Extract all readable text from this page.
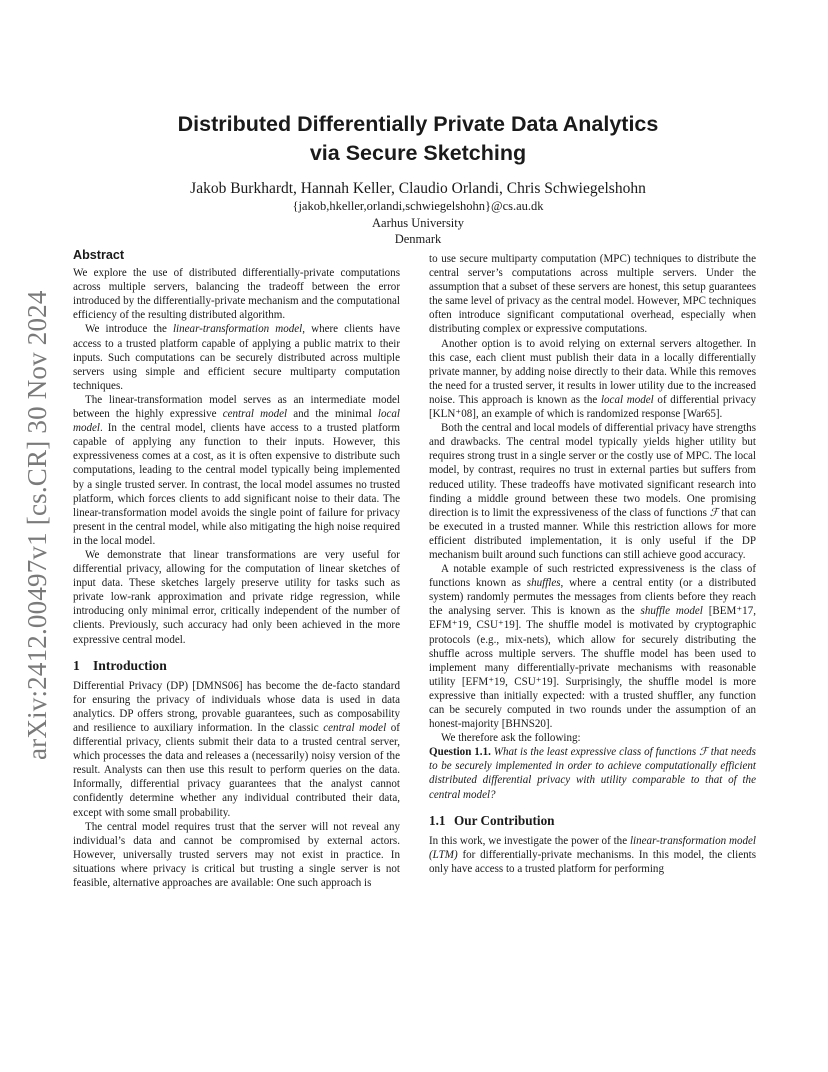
arXiv:2412.00497v1 [cs.CR] 30 Nov 2024
Distributed Differentially Private Data Analytics
via Secure Sketching
Jakob Burkhardt, Hannah Keller, Claudio Orlandi, Chris Schwiegelshohn
{jakob,hkeller,orlandi,schwiegelshohn}@cs.au.dk
Aarhus University
Denmark
Abstract

We explore the use of distributed differentially-private computations across multiple servers, balancing the tradeoff between the error introduced by the differentially-private mechanism and the computational efficiency of the resulting distributed algorithm.

We introduce the linear-transformation model, where clients have access to a trusted platform capable of applying a public matrix to their inputs. Such computations can be securely distributed across multiple servers using simple and efficient secure multiparty computation techniques.

The linear-transformation model serves as an intermediate model between the highly expressive central model and the minimal local model. In the central model, clients have access to a trusted platform capable of applying any function to their inputs. However, this expressiveness comes at a cost, as it is often expensive to distribute such computations, leading to the central model typically being implemented by a single trusted server. In contrast, the local model assumes no trusted platform, which forces clients to add significant noise to their data. The linear-transformation model avoids the single point of failure for privacy present in the central model, while also mitigating the high noise required in the local model.

We demonstrate that linear transformations are very useful for differential privacy, allowing for the computation of linear sketches of input data. These sketches largely preserve utility for tasks such as private low-rank approximation and private ridge regression, while introducing only minimal error, critically independent of the number of clients. Previously, such accuracy had only been achieved in the more expressive central model.

1 Introduction

Differential Privacy (DP) [DMNS06] has become the de-facto standard for ensuring the privacy of individuals whose data is used in data analytics. DP offers strong, provable guarantees, such as composability and resilience to auxiliary information. In the classic central model of differential privacy, clients submit their data to a trusted central server, which processes the data and releases a (necessarily) noisy version of the result. Analysts can then use this result to perform queries on the data. Informally, differential privacy guarantees that the analyst cannot confidently determine whether any individual contributed their data, except with some small probability.

The central model requires trust that the server will not reveal any individual’s data and cannot be compromised by external actors. However, universally trusted servers may not exist in practice. In situations where privacy is critical but trusting a single server is not feasible, alternative approaches are available: One such approach is

to use secure multiparty computation (MPC) techniques to distribute the central server’s computations across multiple servers. Under the assumption that a subset of these servers are honest, this setup guarantees the same level of privacy as the central model. However, MPC techniques often introduce significant computational overhead, especially when distributing complex or expressive computations.

Another option is to avoid relying on external servers altogether. In this case, each client must publish their data in a locally differentially private manner, by adding noise directly to their data. While this removes the need for a trusted server, it results in lower utility due to the increased noise. This approach is known as the local model of differential privacy [KLN⁺08], an example of which is randomized response [War65].

Both the central and local models of differential privacy have strengths and drawbacks. The central model typically yields higher utility but requires strong trust in a single server or the costly use of MPC. The local model, by contrast, requires no trust in external parties but suffers from reduced utility. These tradeoffs have motivated significant research into finding a middle ground between these two models. One promising direction is to limit the expressiveness of the class of functions ℱ that can be executed in a trusted manner. While this restriction allows for more efficient distributed implementation, it is only useful if the DP mechanism built around such functions can still achieve good accuracy.

A notable example of such restricted expressiveness is the class of functions known as shuffles, where a central entity (or a distributed system) randomly permutes the messages from clients before they reach the analysing server. This is known as the shuffle model [BEM⁺17, EFM⁺19, CSU⁺19]. The shuffle model is motivated by cryptographic protocols (e.g., mix-nets), which allow for securely distributing the shuffle across multiple servers. The shuffle model has been used to implement many differentially-private mechanisms with reasonable utility [EFM⁺19, CSU⁺19]. Surprisingly, the shuffle model is more expressive than initially expected: with a trusted shuffler, any function can be securely computed in two rounds under the assumption of an honest-majority [BHNS20].

We therefore ask the following:

Question 1.1. What is the least expressive class of functions ℱ that needs to be securely implemented in order to achieve computationally efficient distributed differential privacy with utility comparable to that of the central model?

1.1 Our Contribution

In this work, we investigate the power of the linear-transformation model (LTM) for differentially-private mechanisms. In this model, the clients only have access to a trusted platform for performing
